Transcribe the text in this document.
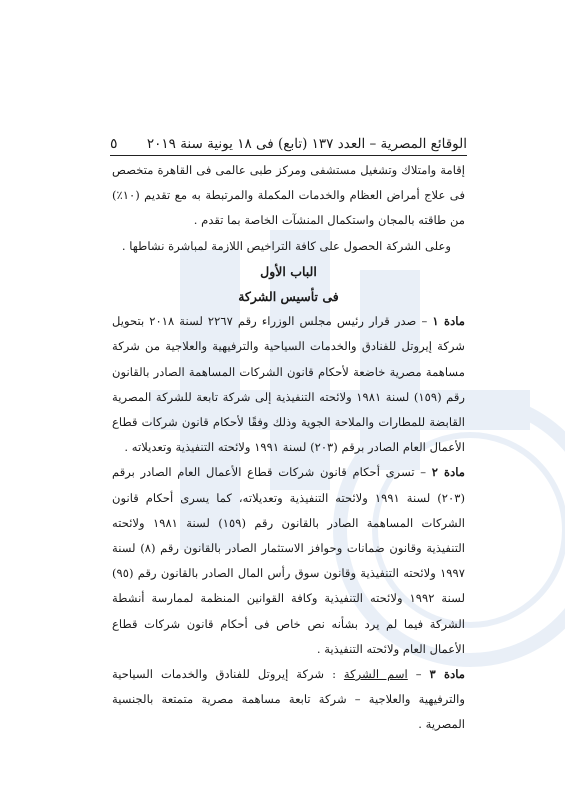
الوقائع المصرية – العدد ١٣٧ (تابع) فى ١٨ يونية سنة ٢٠١٩
٥

إقامة وامتلاك وتشغيل مستشفى ومركز طبى عالمى فى القاهرة متخصص فى علاج أمراض العظام والخدمات المكملة والمرتبطة به مع تقديم (١٠٪) من طاقته بالمجان واستكمال المنشآت الخاصة بما تقدم .

وعلى الشركة الحصول على كافة التراخيص اللازمة لمباشرة نشاطها .

الباب الأول

فى تأسيس الشركة

مادة ١ – صدر قرار رئيس مجلس الوزراء رقم ٢٢٦٧ لسنة ٢٠١٨ بتحويل شركة إيروتل للفنادق والخدمات السياحية والترفيهية والعلاجية من شركة مساهمة مصرية خاضعة لأحكام قانون الشركات المساهمة الصادر بالقانون رقم (١٥٩) لسنة ١٩٨١ ولائحته التنفيذية إلى شركة تابعة للشركة المصرية القابضة للمطارات والملاحة الجوية وذلك وفقًا لأحكام قانون شركات قطاع الأعمال العام الصادر برقم (٢٠٣) لسنة ١٩٩١ ولائحته التنفيذية وتعديلاته .

مادة ٢ – تسرى أحكام قانون شركات قطاع الأعمال العام الصادر برقم (٢٠٣) لسنة ١٩٩١ ولائحته التنفيذية وتعديلاته، كما يسرى أحكام قانون الشركات المساهمة الصادر بالقانون رقم (١٥٩) لسنة ١٩٨١ ولائحته التنفيذية وقانون ضمانات وحوافز الاستثمار الصادر بالقانون رقم (٨) لسنة ١٩٩٧ ولائحته التنفيذية وقانون سوق رأس المال الصادر بالقانون رقم (٩٥) لسنة ١٩٩٢ ولائحته التنفيذية وكافة القوانين المنظمة لممارسة أنشطة الشركة فيما لم يرد بشأنه نص خاص فى أحكام قانون شركات قطاع الأعمال العام ولائحته التنفيذية .

مادة ٣ – اسم الشركة : شركة إيروتل للفنادق والخدمات السياحية والترفيهية والعلاجية – شركة تابعة مساهمة مصرية متمتعة بالجنسية المصرية .
